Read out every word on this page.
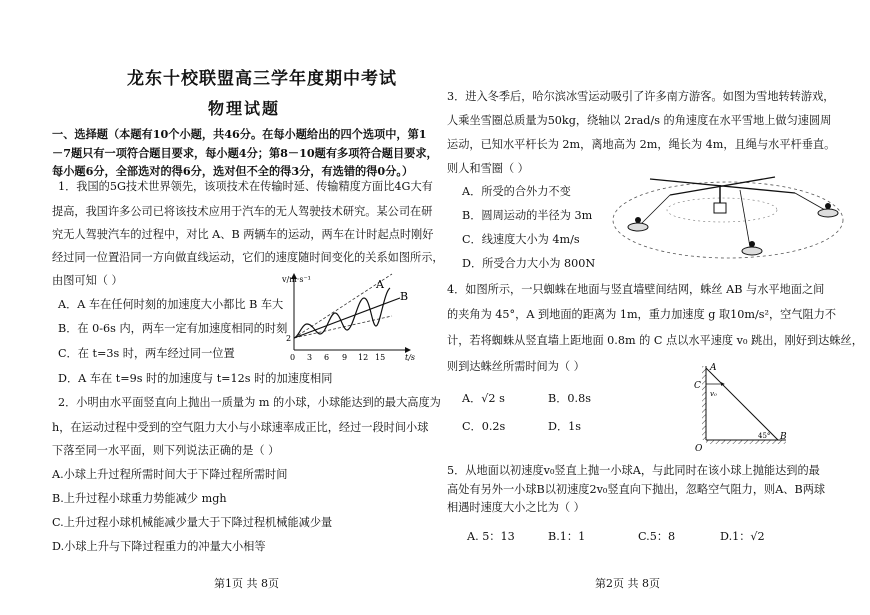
龙东十校联盟高三学年度期中考试
物理试题
一、选择题（本题有10个小题，共46分。在每小题给出的四个选项中，第1
－7题只有一项符合题目要求，每小题4分；第8－10题有多项符合题目要求，
每小题6分，全部选对的得6分，选对但不全的得3分，有选错的得0分。）
1．我国的5G技术世界领先，该项技术在传输时延、传输精度方面比4G大有
提高，我国许多公司已将该技术应用于汽车的无人驾驶技术研究。某公司在研
究无人驾驶汽车的过程中，对比 A、B 两辆车的运动，两车在计时起点时刚好
经过同一位置沿同一方向做直线运动，它们的速度随时间变化的关系如图所示，
由图可知（ ）
A．A 车在任何时刻的加速度大小都比 B 车大
B．在 0-6s 内，两车一定有加速度相同的时刻
C．在 t=3s 时，两车经过同一位置
D．A 车在 t=9s 时的加速度与 t=12s 时的加速度相同
v/m·s⁻¹
t/s
0
2
3 6 9 12 15
A
B
2．小明由水平面竖直向上抛出一质量为 m 的小球，小球能达到的最大高度为
h，在运动过程中受到的空气阻力大小与小球速率成正比，经过一段时间小球
下落至同一水平面，则下列说法正确的是（ ）
A.小球上升过程所需时间大于下降过程所需时间
B.上升过程小球重力势能减少 mgh
C.上升过程小球机械能减少量大于下降过程机械能减少量
D.小球上升与下降过程重力的冲量大小相等
第1页 共 8页
3．进入冬季后，哈尔滨冰雪运动吸引了许多南方游客。如图为雪地转转游戏，
人乘坐雪圈总质量为50kg，绕轴以 2rad/s 的角速度在水平雪地上做匀速圆周
运动，已知水平杆长为 2m，离地高为 2m，绳长为 4m，且绳与水平杆垂直。
则人和雪圈（ ）
A．所受的合外力不变
B．圆周运动的半径为 3m
C．线速度大小为 4m/s
D．所受合力大小为 800N
4．如图所示，一只蜘蛛在地面与竖直墙壁间结网，蛛丝 AB 与水平地面之间
的夹角为 45°，A 到地面的距离为 1m，重力加速度 g 取10m/s²，空气阻力不
计，若将蜘蛛从竖直墙上距地面 0.8m 的 C 点以水平速度 v₀ 跳出，刚好到达蛛丝，
则到达蛛丝所需时间为（ ）
A．√2 s	B．0.8s
C．0.2s	D．1s
A
C
v₀
O
B
45°
5．从地面以初速度v₀竖直上抛一小球A，与此同时在该小球上抛能达到的最
高处有另外一小球B以初速度2v₀竖直向下抛出，忽略空气阻力，则A、B两球
相遇时速度大小之比为（ ）
A. 5：13	B.1：1	C.5：8	D.1：√2
第2页 共 8页
